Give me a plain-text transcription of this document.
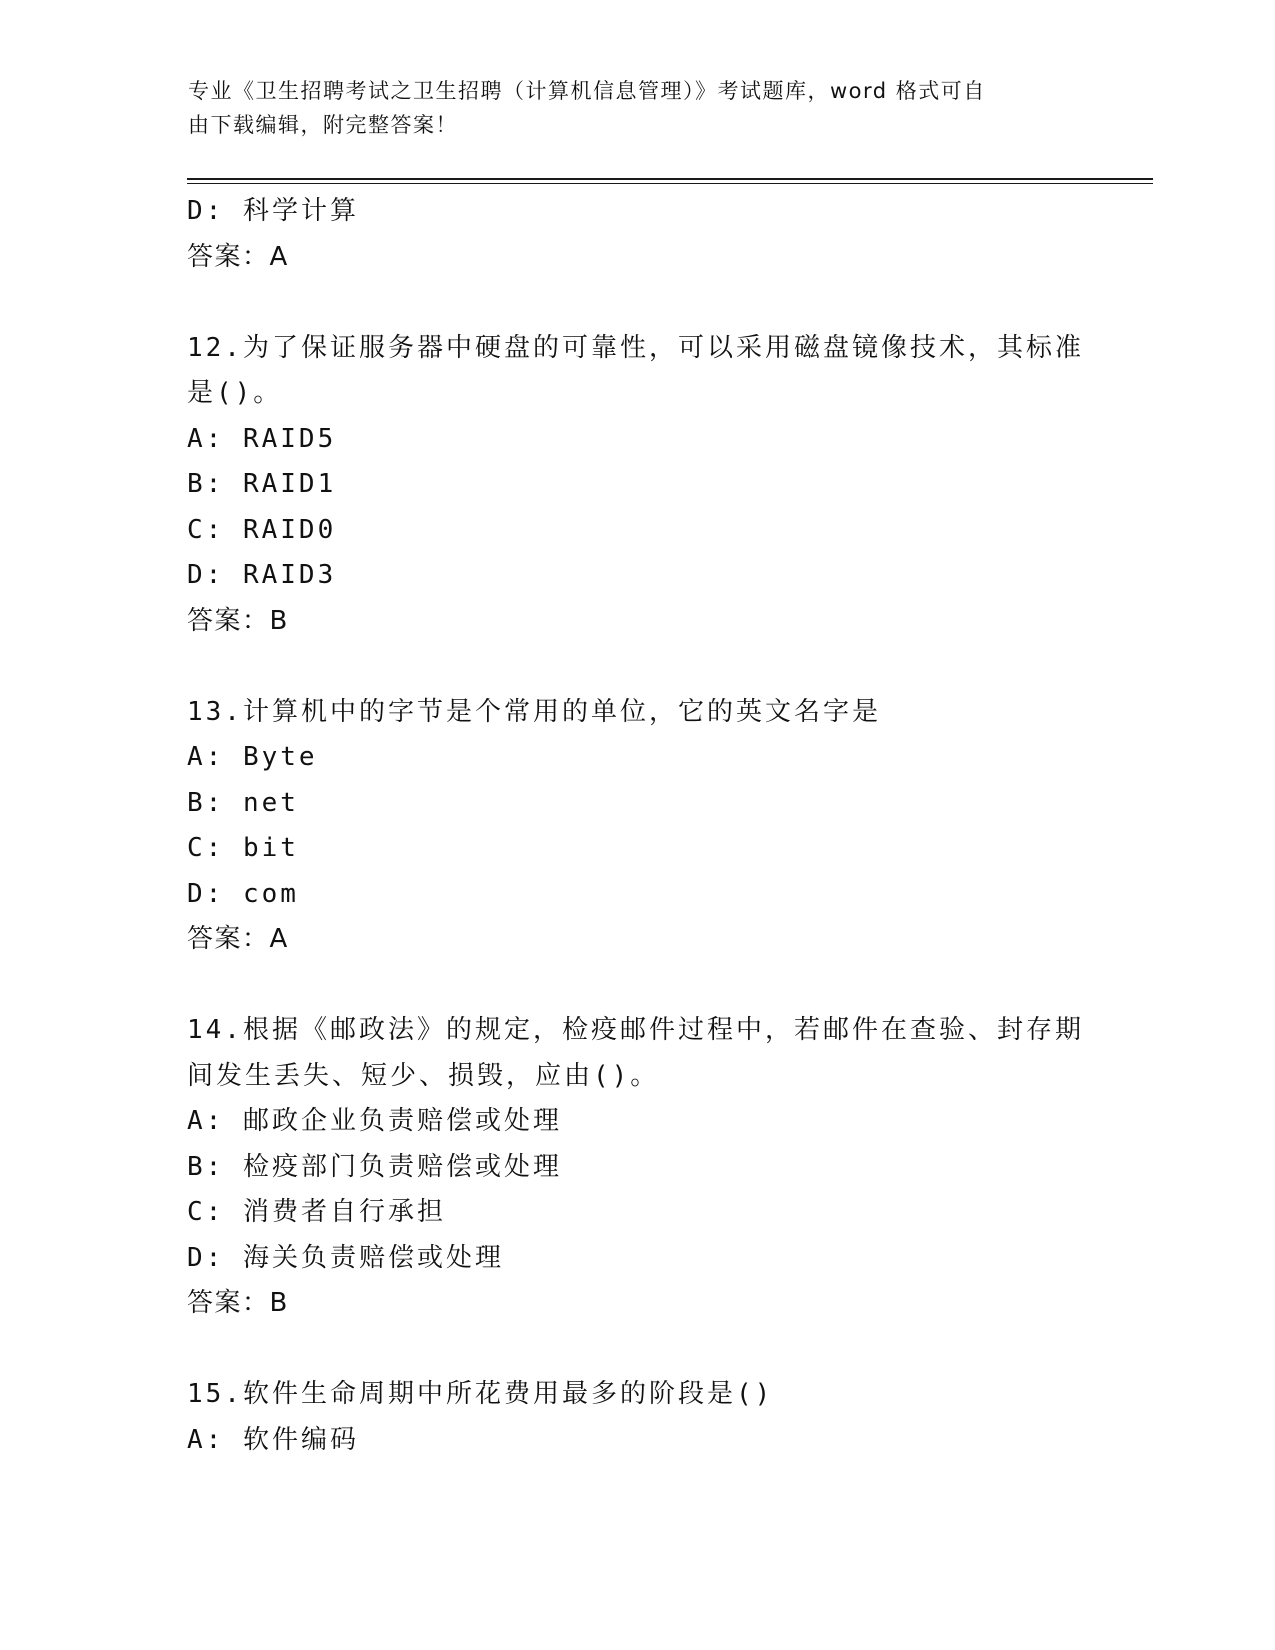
专业《卫生招聘考试之卫生招聘（计算机信息管理）》考试题库，word 格式可自
由下载编辑，附完整答案！
D: 科学计算
答案：A
12.为了保证服务器中硬盘的可靠性，可以采用磁盘镜像技术，其标准
是()。
A: RAID5
B: RAID1
C: RAID0
D: RAID3
答案：B
13.计算机中的字节是个常用的单位，它的英文名字是
A: Byte
B: net
C: bit
D: com
答案：A
14.根据《邮政法》的规定，检疫邮件过程中，若邮件在查验、封存期
间发生丢失、短少、损毁，应由()。
A: 邮政企业负责赔偿或处理
B: 检疫部门负责赔偿或处理
C: 消费者自行承担
D: 海关负责赔偿或处理
答案：B
15.软件生命周期中所花费用最多的阶段是()
A: 软件编码
